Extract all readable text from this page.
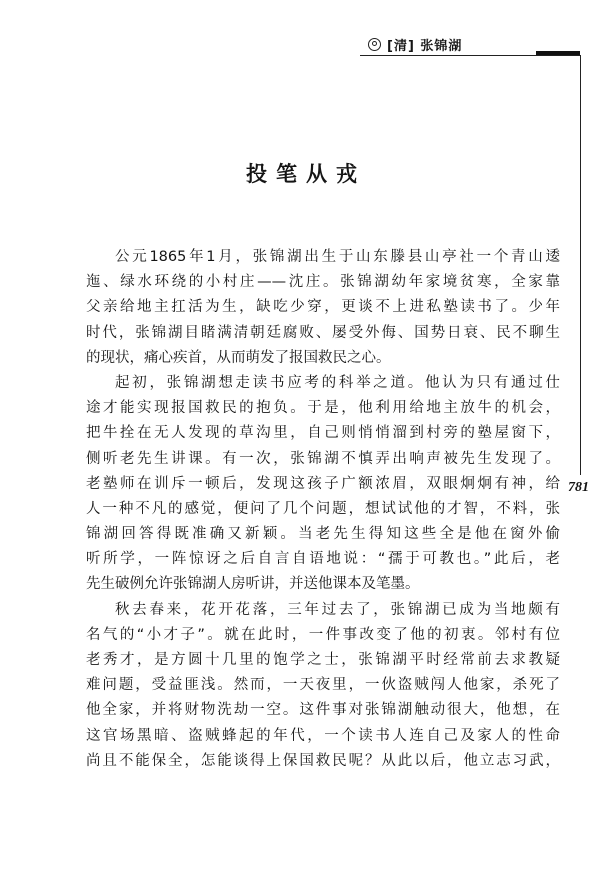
[清] 张锦湖
781
投笔从戎
公元1865年1月，张锦湖出生于山东滕县山亭社一个青山逶
迤、绿水环绕的小村庄——沈庄。张锦湖幼年家境贫寒，全家靠
父亲给地主扛活为生，缺吃少穿，更谈不上进私塾读书了。少年
时代，张锦湖目睹满清朝廷腐败、屡受外侮、国势日衰、民不聊生
的现状，痛心疾首，从而萌发了报国救民之心。
起初，张锦湖想走读书应考的科举之道。他认为只有通过仕
途才能实现报国救民的抱负。于是，他利用给地主放牛的机会，
把牛拴在无人发现的草沟里，自己则悄悄溜到村旁的塾屋窗下，
侧听老先生讲课。有一次，张锦湖不慎弄出响声被先生发现了。
老塾师在训斥一顿后，发现这孩子广额浓眉，双眼炯炯有神，给
人一种不凡的感觉，便问了几个问题，想试试他的才智，不料，张
锦湖回答得既准确又新颖。当老先生得知这些全是他在窗外偷
听所学，一阵惊讶之后自言自语地说：“孺于可教也。”此后，老
先生破例允许张锦湖人房听讲，并送他课本及笔墨。
秋去春来，花开花落，三年过去了，张锦湖已成为当地颇有
名气的“小才子”。就在此时，一件事改变了他的初衷。邻村有位
老秀才，是方圆十几里的饱学之士，张锦湖平时经常前去求教疑
难问题，受益匪浅。然而，一天夜里，一伙盗贼闯人他家，杀死了
他全家，并将财物洗劫一空。这件事对张锦湖触动很大，他想，在
这官场黑暗、盗贼蜂起的年代，一个读书人连自己及家人的性命
尚且不能保全，怎能谈得上保国救民呢？从此以后，他立志习武，
